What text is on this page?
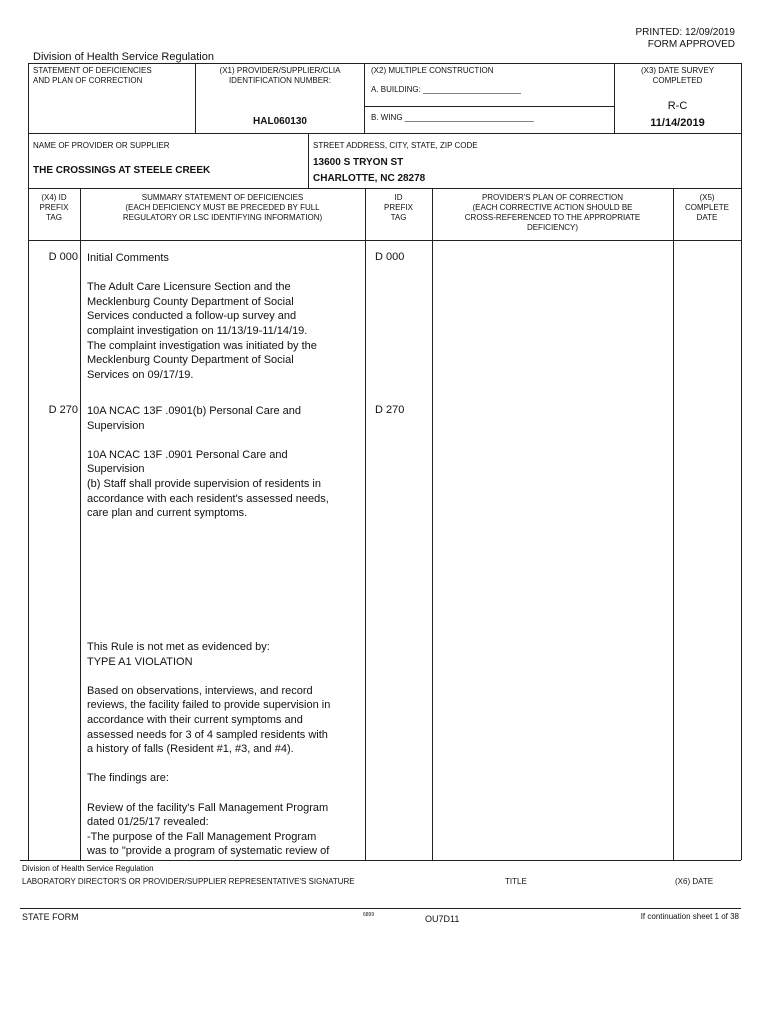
PRINTED: 12/09/2019
FORM APPROVED
Division of Health Service Regulation
STATEMENT OF DEFICIENCIES
AND PLAN OF CORRECTION
(X1) PROVIDER/SUPPLIER/CLIA
IDENTIFICATION NUMBER:
HAL060130
(X2) MULTIPLE CONSTRUCTION
A. BUILDING: ______________________
B. WING _____________________________
(X3) DATE SURVEY
COMPLETED
R-C
11/14/2019
NAME OF PROVIDER OR SUPPLIER
THE CROSSINGS AT STEELE CREEK
STREET ADDRESS, CITY, STATE, ZIP CODE
13600 S TRYON ST
CHARLOTTE, NC 28278
(X4) ID
PREFIX
TAG
SUMMARY STATEMENT OF DEFICIENCIES
(EACH DEFICIENCY MUST BE PRECEDED BY FULL
REGULATORY OR LSC IDENTIFYING INFORMATION)
ID
PREFIX
TAG
PROVIDER'S PLAN OF CORRECTION
(EACH CORRECTIVE ACTION SHOULD BE
CROSS-REFERENCED TO THE APPROPRIATE
DEFICIENCY)
(X5)
COMPLETE
DATE
D 000	D 000
Initial Comments

The Adult Care Licensure Section and the
Mecklenburg County Department of Social
Services conducted a follow-up survey and
complaint investigation on 11/13/19-11/14/19.
The complaint investigation was initiated by the
Mecklenburg County Department of Social
Services on 09/17/19.
D 270	D 270
10A NCAC 13F .0901(b) Personal Care and
Supervision

10A NCAC 13F .0901 Personal Care and
Supervision
(b) Staff shall provide supervision of residents in
accordance with each resident's assessed needs,
care plan and current symptoms.
This Rule is not met as evidenced by:
TYPE A1 VIOLATION

Based on observations, interviews, and record
reviews, the facility failed to provide supervision in
accordance with their current symptoms and
assessed needs for 3 of 4 sampled residents with
a history of falls (Resident #1, #3, and #4).

The findings are:

Review of the facility's Fall Management Program
dated 01/25/17 revealed:
-The purpose of the Fall Management Program
was to "provide a program of systematic review of
Division of Health Service Regulation
LABORATORY DIRECTOR'S OR PROVIDER/SUPPLIER REPRESENTATIVE'S SIGNATURE	TITLE	(X6) DATE
STATE FORM	6899	OU7D11	If continuation sheet 1 of 38
